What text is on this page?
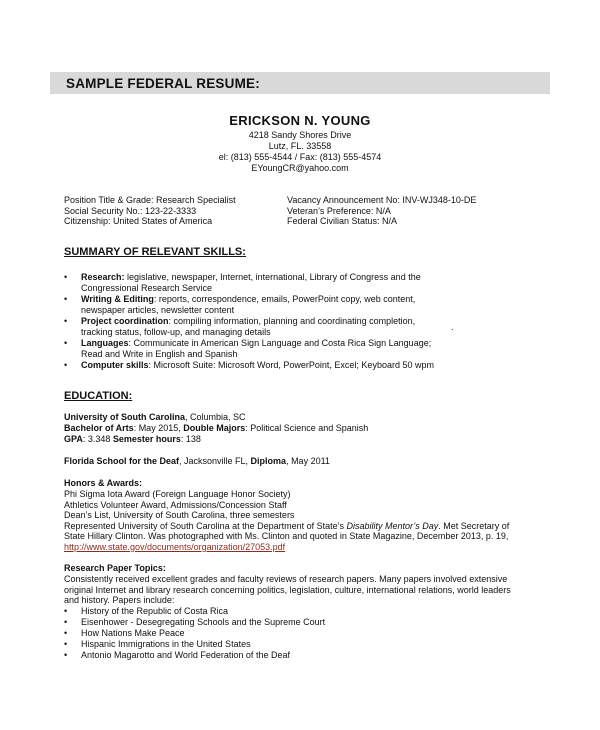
SAMPLE FEDERAL RESUME:
ERICKSON N. YOUNG
4218 Sandy Shores Drive
Lutz, FL. 33558
el: (813) 555-4544 / Fax: (813) 555-4574
EYoungCR@yahoo.com
Position Title & Grade: Research Specialist
Social Security No.: 123-22-3333
Citizenship: United States of America
Vacancy Announcement No: INV-WJ348-10-DE
Veteran’s Preference: N/A
Federal Civilian Status: N/A
SUMMARY OF RELEVANT SKILLS:
• Research: legislative, newspaper, Internet, international, Library of Congress and the
Congressional Research Service
• Writing & Editing: reports, correspondence, emails, PowerPoint copy, web content,
newspaper articles, newsletter content
• Project coordination: compiling information, planning and coordinating completion,
tracking status, follow-up, and managing details
• Languages: Communicate in American Sign Language and Costa Rica Sign Language;
Read and Write in English and Spanish
• Computer skills: Microsoft Suite: Microsoft Word, PowerPoint, Excel; Keyboard 50 wpm
.
EDUCATION:
University of South Carolina, Columbia, SC
Bachelor of Arts: May 2015, Double Majors: Political Science and Spanish
GPA: 3.348 Semester hours: 138
Florida School for the Deaf, Jacksonville FL, Diploma, May 2011
Honors & Awards:
Phi Sigma Iota Award (Foreign Language Honor Society)
Athletics Volunteer Award, Admissions/Concession Staff
Dean’s List, University of South Carolina, three semesters
Represented University of South Carolina at the Department of State’s Disability Mentor’s Day. Met Secretary of
State Hillary Clinton. Was photographed with Ms. Clinton and quoted in State Magazine, December 2013, p. 19,
http://www.state.gov/documents/organization/27053.pdf
Research Paper Topics:
Consistently received excellent grades and faculty reviews of research papers. Many papers involved extensive
original Internet and library research concerning politics, legislation, culture, international relations, world leaders
and history. Papers include:
• History of the Republic of Costa Rica
• Eisenhower - Desegregating Schools and the Supreme Court
• How Nations Make Peace
• Hispanic Immigrations in the United States
• Antonio Magarotto and World Federation of the Deaf
